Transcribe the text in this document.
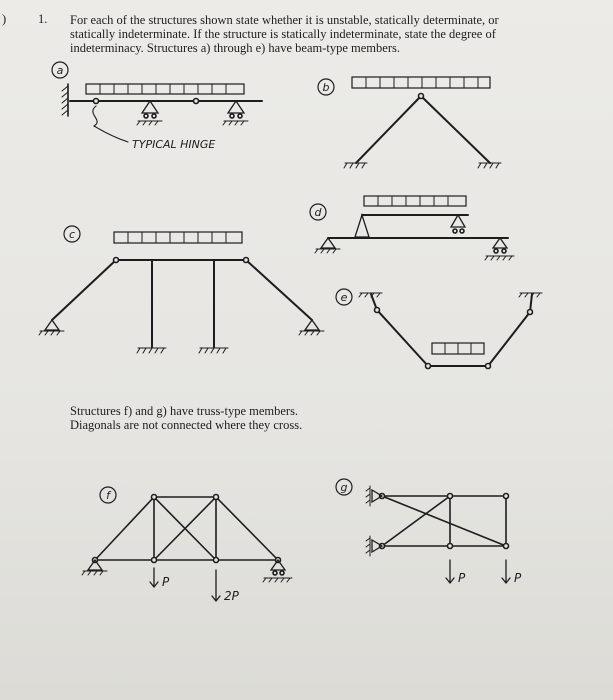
)	1. For each of the structures shown state whether it is unstable, statically determinate, or statically indeterminate. If the structure is statically indeterminate, state the degree of indeterminacy. Structures a) through e) have beam-type members.
Structures f) and g) have truss-type members.
Diagonals are not connected where they cross.
a
TYPICAL HINGE
b
c
d
e
f
P
2P
g
P	P
